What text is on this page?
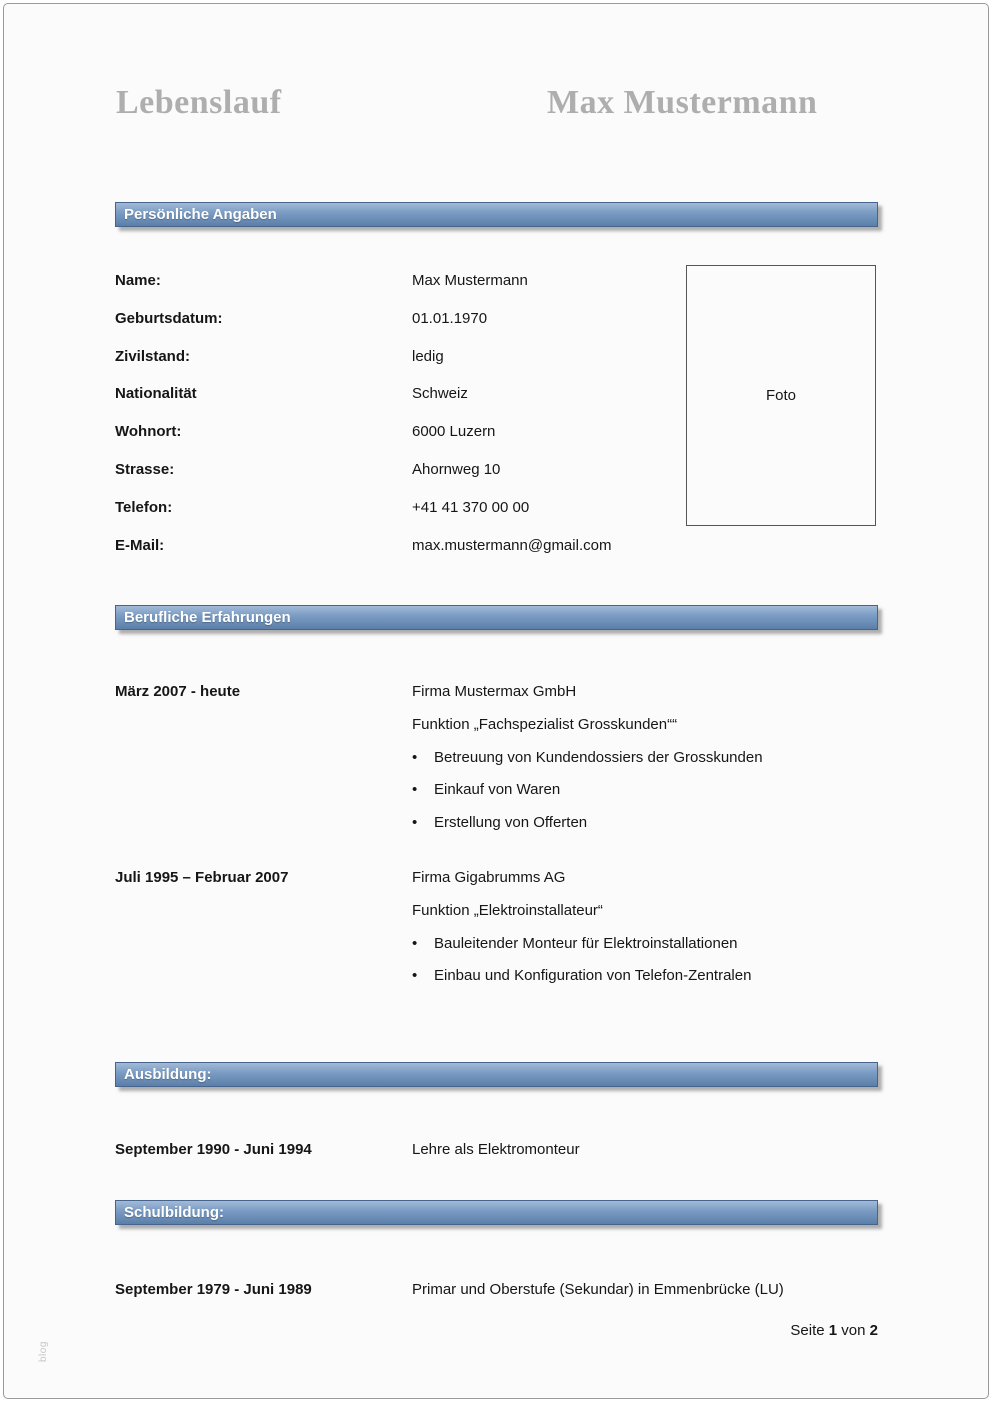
Lebenslauf	Max Mustermann
Persönliche Angaben
Name:	Max Mustermann
Geburtsdatum:	01.01.1970
Zivilstand:	ledig
Nationalität	Schweiz
Wohnort:	6000 Luzern
Strasse:	Ahornweg 10
Telefon:	+41 41 370 00 00
E-Mail:	max.mustermann@gmail.com
Foto
Berufliche Erfahrungen
März 2007 - heute	Firma Mustermax GmbH
Funktion „Fachspezialist Grosskunden““
•	Betreuung von Kundendossiers der Grosskunden
•	Einkauf von Waren
•	Erstellung von Offerten
Juli 1995 – Februar 2007	Firma Gigabrumms AG
Funktion „Elektroinstallateur“
•	Bauleitender Monteur für Elektroinstallationen
•	Einbau und Konfiguration von Telefon-Zentralen
Ausbildung:
September 1990 - Juni 1994	Lehre als Elektromonteur
Schulbildung:
September 1979 - Juni 1989	Primar und Oberstufe (Sekundar) in Emmenbrücke (LU)
Seite 1 von 2
blog
